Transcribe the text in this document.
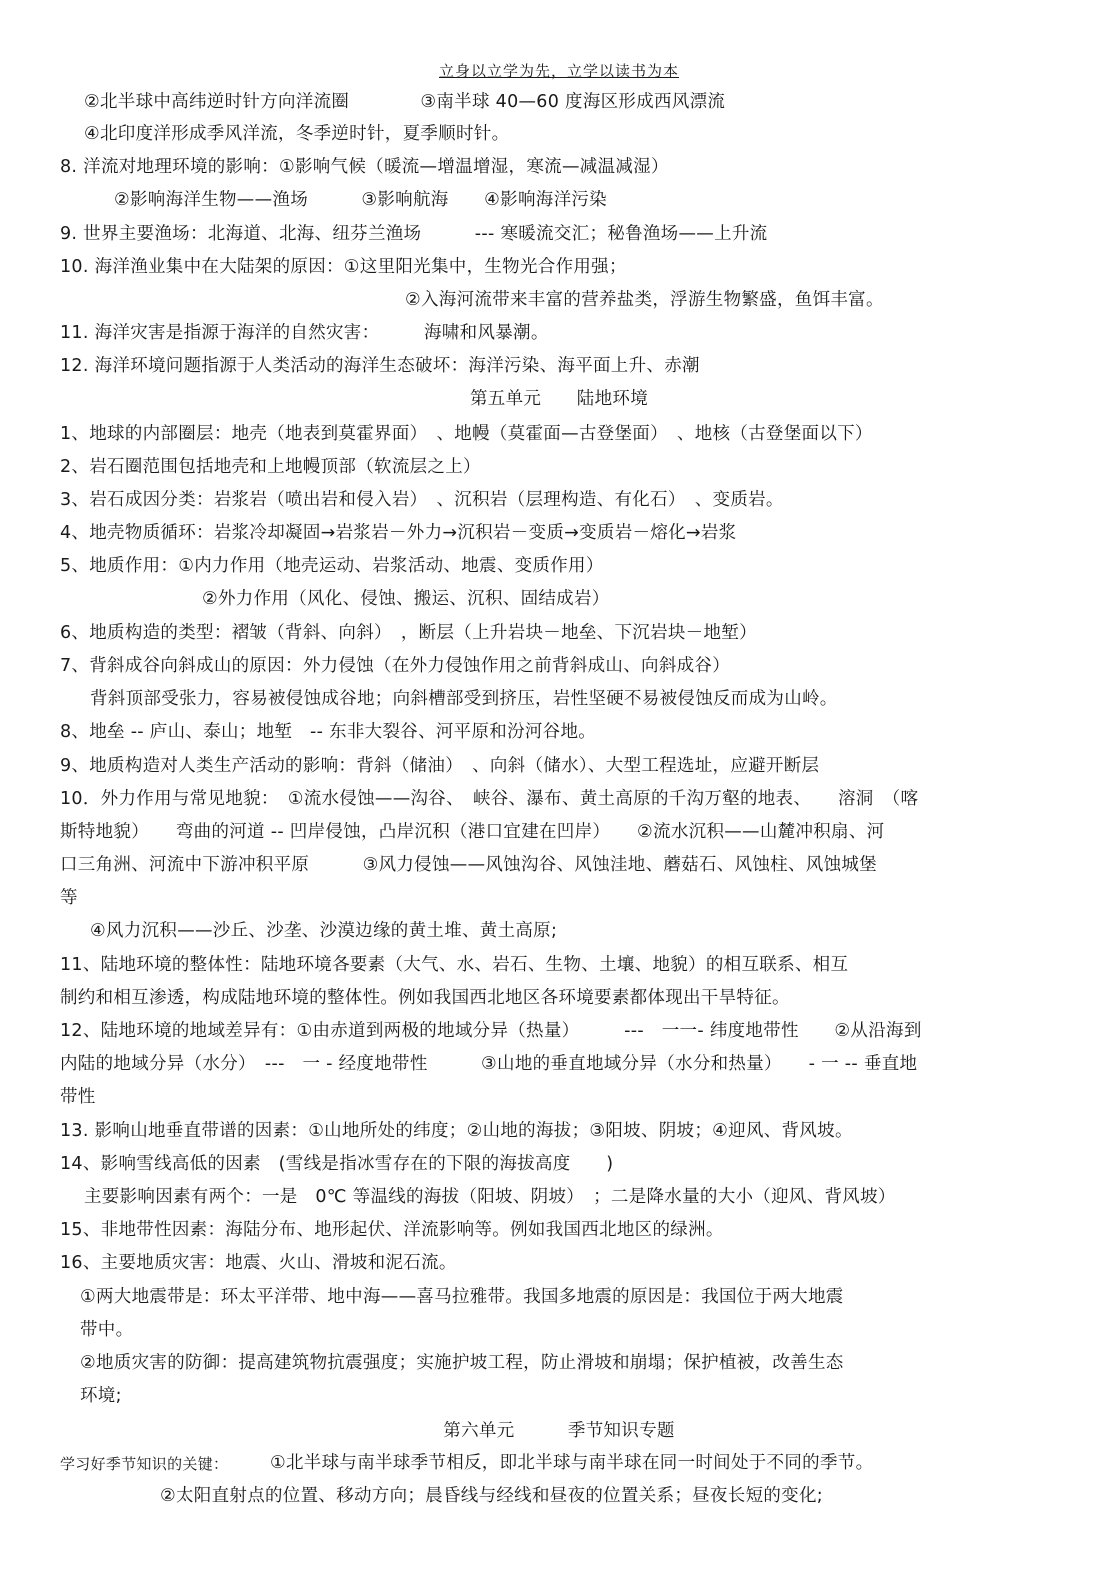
立身以立学为先，立学以读书为本
②北半球中高纬逆时针方向洋流圈　　　　③南半球 40—60 度海区形成西风漂流
④北印度洋形成季风洋流，冬季逆时针，夏季顺时针。
8. 洋流对地理环境的影响：①影响气候（暖流—增温增湿，寒流—减温减湿）
②影响海洋生物——渔场　　　③影响航海　　④影响海洋污染
9. 世界主要渔场：北海道、北海、纽芬兰渔场　　　--- 寒暖流交汇；秘鲁渔场——上升流
10. 海洋渔业集中在大陆架的原因：①这里阳光集中，生物光合作用强；
②入海河流带来丰富的营养盐类，浮游生物繁盛，鱼饵丰富。
11. 海洋灾害是指源于海洋的自然灾害：　　　海啸和风暴潮。
12. 海洋环境问题指源于人类活动的海洋生态破坏：海洋污染、海平面上升、赤潮
第五单元　　陆地环境
1、地球的内部圈层：地壳（地表到莫霍界面）　、地幔（莫霍面—古登堡面）　、地核（古登堡面以下）
2、岩石圈范围包括地壳和上地幔顶部（软流层之上）
3、岩石成因分类：岩浆岩（喷出岩和侵入岩）　、沉积岩（层理构造、有化石）　、变质岩。
4、地壳物质循环：岩浆冷却凝固→岩浆岩－外力→沉积岩－变质→变质岩－熔化→岩浆
5、地质作用：①内力作用（地壳运动、岩浆活动、地震、变质作用）
②外力作用（风化、侵蚀、搬运、沉积、固结成岩）
6、地质构造的类型：褶皱（背斜、向斜）　，断层（上升岩块－地垒、下沉岩块－地堑）
7、背斜成谷向斜成山的原因：外力侵蚀（在外力侵蚀作用之前背斜成山、向斜成谷）
背斜顶部受张力，容易被侵蚀成谷地；向斜槽部受到挤压，岩性坚硬不易被侵蚀反而成为山岭。
8、地垒 -- 庐山、泰山；地堑　-- 东非大裂谷、河平原和汾河谷地。
9、地质构造对人类生产活动的影响：背斜（储油）　、向斜（储水）、大型工程选址，应避开断层
10．外力作用与常见地貌：　①流水侵蚀——沟谷、　峡谷、瀑布、黄土高原的千沟万壑的地表、　　溶洞　（喀
斯特地貌）　　弯曲的河道 -- 凹岸侵蚀，凸岸沉积（港口宜建在凹岸）　　②流水沉积——山麓冲积扇、河
口三角洲、河流中下游冲积平原　　　③风力侵蚀——风蚀沟谷、风蚀洼地、蘑菇石、风蚀柱、风蚀城堡
等
④风力沉积——沙丘、沙垄、沙漠边缘的黄土堆、黄土高原;
11、陆地环境的整体性：陆地环境各要素（大气、水、岩石、生物、土壤、地貌）的相互联系、相互
制约和相互渗透，构成陆地环境的整体性。例如我国西北地区各环境要素都体现出干旱特征。
12、陆地环境的地域差异有：①由赤道到两极的地域分异（热量）　　　---　一一- 纬度地带性　　②从沿海到
内陆的地域分异（水分）　---　一 - 经度地带性　　　③山地的垂直地域分异（水分和热量）　　- 一 -- 垂直地
带性
13. 影响山地垂直带谱的因素：①山地所处的纬度；②山地的海拔；③阳坡、阴坡；④迎风、背风坡。
14、影响雪线高低的因素　(雪线是指冰雪存在的下限的海拔高度　　)
主要影响因素有两个：一是　0℃ 等温线的海拔（阳坡、阴坡）　；二是降水量的大小（迎风、背风坡）
15、非地带性因素：海陆分布、地形起伏、洋流影响等。例如我国西北地区的绿洲。
16、主要地质灾害：地震、火山、滑坡和泥石流。
①两大地震带是：环太平洋带、地中海——喜马拉雅带。我国多地震的原因是：我国位于两大地震
带中。
②地质灾害的防御：提高建筑物抗震强度；实施护坡工程，防止滑坡和崩塌；保护植被，改善生态
环境;
第六单元　　　季节知识专题
学习好季节知识的关键： ①北半球与南半球季节相反，即北半球与南半球在同一时间处于不同的季节。
②太阳直射点的位置、移动方向；晨昏线与经线和昼夜的位置关系；昼夜长短的变化;
